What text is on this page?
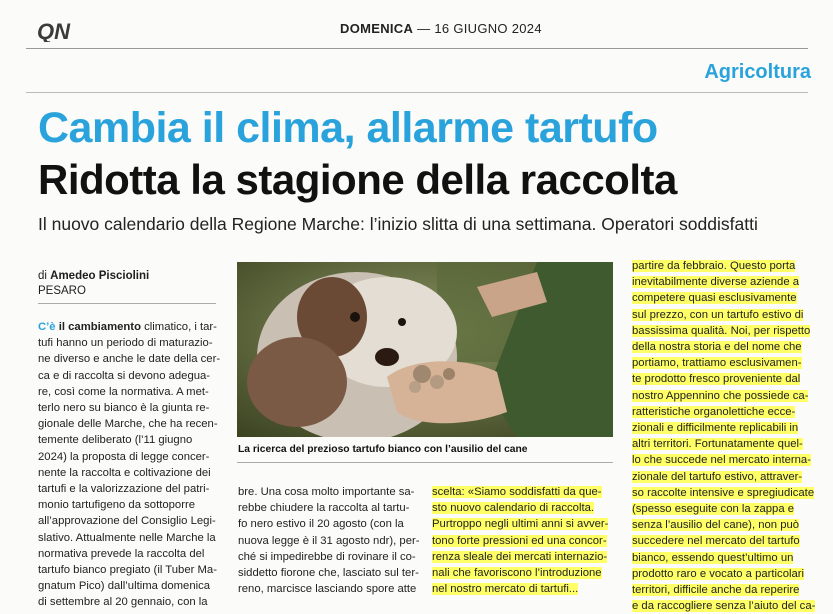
QN	DOMENICA — 16 GIUGNO 2024
Agricoltura
Cambia il clima, allarme tartufo
Ridotta la stagione della raccolta
Il nuovo calendario della Regione Marche: l’inizio slitta di una settimana. Operatori soddisfatti
di Amedeo Pisciolini
PESARO
C’è il cambiamento climatico, i tar-
tufi hanno un periodo di maturazio-
ne diverso e anche le date della cer-
ca e di raccolta si devono adegua-
re, così come la normativa. A met-
terlo nero su bianco è la giunta re-
gionale delle Marche, che ha recen-
temente deliberato (l’11 giugno
2024) la proposta di legge concer-
nente la raccolta e coltivazione dei
tartufi e la valorizzazione del patri-
monio tartufigeno da sottoporre
all’approvazione del Consiglio Legi-
slativo. Attualmente nelle Marche la
normativa prevede la raccolta del
tartufo bianco pregiato (il Tuber Ma-
gnatum Pico) dall’ultima domenica
di settembre al 20 gennaio, con la
La ricerca del prezioso tartufo bianco con l’ausilio del cane
bre. Una cosa molto importante sa-
rebbe chiudere la raccolta al tartu-
fo nero estivo il 20 agosto (con la
nuova legge è il 31 agosto ndr), per-
ché si impedirebbe di rovinare il co-
siddetto fiorone che, lasciato sul ter-
reno, marcisce lasciando spore atte
scelta: «Siamo soddisfatti da que-
sto nuovo calendario di raccolta.
Purtroppo negli ultimi anni si avver-
tono forte pressioni ed una concor-
renza sleale dei mercati internazio-
nali che favoriscono l’introduzione
nel nostro mercato di tartufi...
partire da febbraio. Questo porta
inevitabilmente diverse aziende a
competere quasi esclusivamente
sul prezzo, con un tartufo estivo di
bassissima qualità. Noi, per rispetto
della nostra storia e del nome che
portiamo, trattiamo esclusivamen-
te prodotto fresco proveniente dal
nostro Appennino che possiede ca-
ratteristiche organolettiche ecce-
zionali e difficilmente replicabili in
altri territori. Fortunatamente quel-
lo che succede nel mercato interna-
zionale del tartufo estivo, attraver-
so raccolte intensive e spregiudicate
(spesso eseguite con la zappa e
senza l’ausilio del cane), non può
succedere nel mercato del tartufo
bianco, essendo quest’ultimo un
prodotto raro e vocato a particolari
territori, difficile anche da reperire
e da raccogliere senza l’aiuto del ca-
